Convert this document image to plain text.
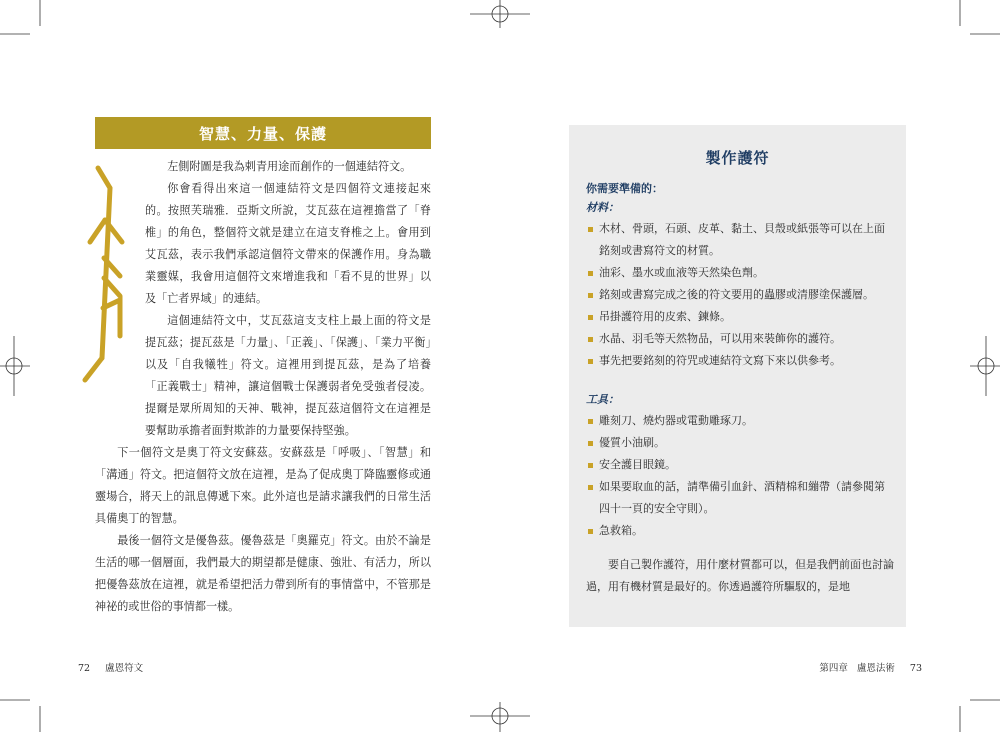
智慧、力量、保護

左側附圖是我為剌青用途而創作的一個連結符文。

你會看得出來這一個連結符文是四個符文連接起來的。按照芙瑞雅．亞斯文所說，艾瓦茲在這裡擔當了「脊椎」的角色，整個符文就是建立在這支脊椎之上。會用到艾瓦茲，表示我們承認這個符文帶來的保護作用。身為職業靈媒，我會用這個符文來增進我和「看不見的世界」以及「亡者界域」的連結。

這個連結符文中，艾瓦茲這支支柱上最上面的符文是提瓦茲；提瓦茲是「力量」、「正義」、「保護」、「業力平衡」以及「自我犧牲」符文。這裡用到提瓦茲，是為了培養「正義戰士」精神，讓這個戰士保護弱者免受強者侵凌。提爾是眾所周知的天神、戰神，提瓦茲這個符文在這裡是要幫助承擔者面對欺詐的力量要保持堅強。

下一個符文是奧丁符文安蘇茲。安蘇茲是「呼吸」、「智慧」和「溝通」符文。把這個符文放在這裡，是為了促成奧丁降臨靈修或通靈場合，將天上的訊息傳遞下來。此外這也是請求讓我們的日常生活具備奧丁的智慧。

最後一個符文是優魯茲。優魯茲是「奧羅克」符文。由於不論是生活的哪一個層面，我們最大的期望都是健康、強壯、有活力，所以把優魯茲放在這裡，就是希望把活力帶到所有的事情當中，不管那是神祕的或世俗的事情都一樣。

72 盧恩符文
製作護符
你需要準備的：
材料：
木材、骨頭，石頭、皮革、黏土、貝殼或紙張等可以在上面銘刻或書寫符文的材質。
油彩、墨水或血液等天然染色劑。
銘刻或書寫完成之後的符文要用的蟲膠或清膠塗保護層。
吊掛護符用的皮索、鍊條。
水晶、羽毛等天然物品，可以用來裝飾你的護符。
事先把要銘刻的符咒或連結符文寫下來以供參考。
工具：
雕刻刀、燒灼器或電動雕琢刀。
優質小油刷。
安全護目眼鏡。
如果要取血的話，請準備引血針、酒精棉和繃帶（請參閱第四十一頁的安全守則）。
急救箱。

要自己製作護符，用什麼材質都可以，但是我們前面也討論過，用有機材質是最好的。你透過護符所驅馭的，是地

第四章 盧恩法術 73
